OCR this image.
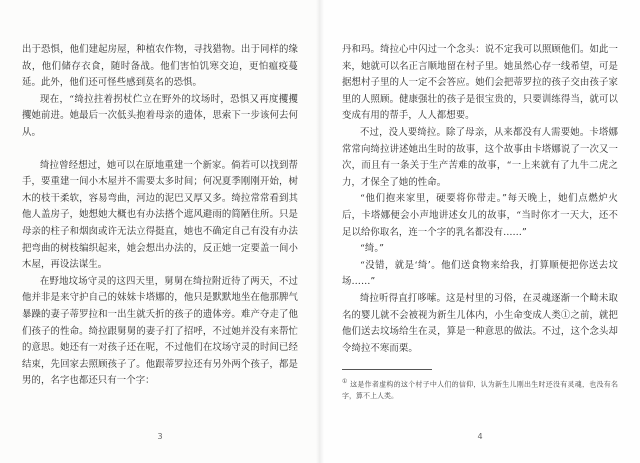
出于恐惧，他们建起房屋，种植农作物，寻找猎物。出于同样的缘故，他们储存衣食，随时备战。他们害怕饥寒交迫，更怕瘟疫蔓延。此外，他们还可怪些感到莫名的恐惧。

现在，“绮拉拄着拐杖伫立在野外的坟场时，恐惧又再度攫攫攫她前进。她最后一次低头抱着母亲的遗体，思索下一步该何去何从。

绮拉曾经想过，她可以在原地重建一个新家。倘若可以找到帮手，要重建一间小木屋并不需要太多时间；何况夏季刚刚开始，树木的枝干柔软，容易弯曲，河边的泥巴又厚又多。绮拉常常看到其他人盖房子，她想她大概也有办法搭个遮风避雨的简陋住所。只是母亲的柱子和烟囱或许无法立得挺直，她也不确定自己有没有办法把弯曲的树枝编织起来，她会想出办法的，反正她一定要盖一间小木屋，再设法谋生。

在野地坟场守灵的这四天里，舅舅在绮拉附近待了两天，不过他并非是来守护自己的妹妹卡塔娜的，他只是默默地坐在他那脾气暴躁的妻子蒂罗拉和一出生就夭折的孩子的遗体旁。难产夺走了他们孩子的性命。绮拉跟舅舅的妻子打了招呼，不过她并没有来帮忙的意思。她还有一对孩子还在呢，不过他们在坟场守灵的时间已经结束，先回家去照顾孩子了。他跟蒂罗拉还有另外两个孩子，都是男的，名字也都还只有一个字：

3

丹和玛。绮拉心中闪过一个念头：说不定我可以照顾他们。如此一来，她就可以名正言顺地留在村子里。她虽然心存一线希望，可是据想村子里的人一定不会答应。她们会把蒂罗拉的孩子交由孩子家里的人照顾。健康强壮的孩子是很宝贵的，只要训练得当，就可以变成有用的帮手，人人都想要。

不过，没人要绮拉。除了母亲，从来都没有人需要她。卡塔娜常常向绮拉讲述她出生时的故事，这个故事由卡塔娜说了一次又一次，而且有一条关于生产苦难的故事，“一上来就有了九牛二虎之力，才保全了她的性命。

“他们抱来家里，硬要将你带走。”每天晚上，她们点燃炉火后，卡塔娜便会小声地讲述女儿的故事，“当时你才一天大，还不足以给你取名，连一个字的乳名都没有……”

“绮。”

“没错，就是‘绮’。他们送食物来给我，打算顺便把你送去坟场……”

绮拉听得直打哆嗦。这是村里的习俗，在灵魂逐渐一个畸未取名的婴儿就不会被视为新生儿体内，小生命变成人类①之前，就把他们送去坟场给生在灵，算是一种意思的做法。不过，这个念头却令绮拉不寒而栗。

① 这是作者虚构的这个村子中人们的信仰，认为新生儿刚出生时还没有灵魂，也没有名字，算不上人类。

4
